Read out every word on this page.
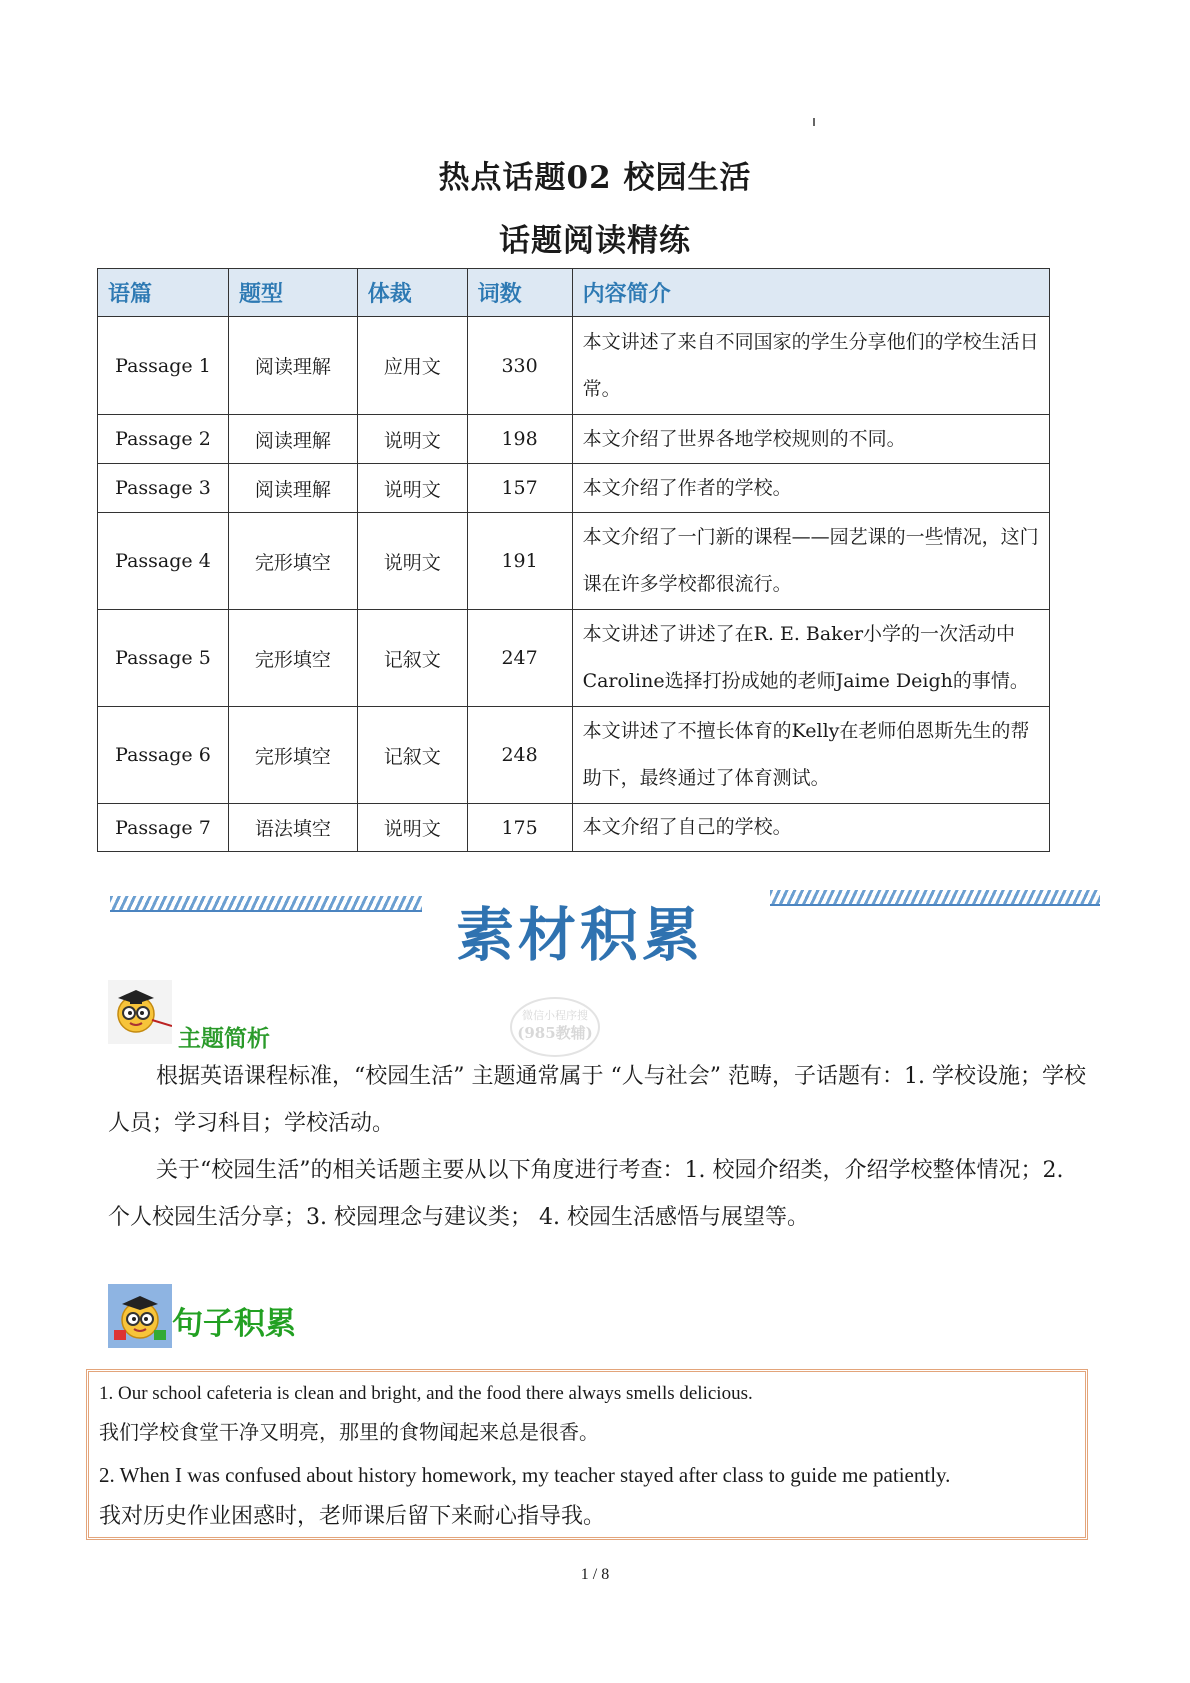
热点话题02 校园生活
话题阅读精练
语篇	题型	体裁	词数	内容简介
Passage 1	阅读理解	应用文	330	本文讲述了来自不同国家的学生分享他们的学校生活日常。
Passage 2	阅读理解	说明文	198	本文介绍了世界各地学校规则的不同。
Passage 3	阅读理解	说明文	157	本文介绍了作者的学校。
Passage 4	完形填空	说明文	191	本文介绍了一门新的课程——园艺课的一些情况，这门课在许多学校都很流行。
Passage 5	完形填空	记叙文	247	本文讲述了讲述了在R. E. Baker小学的一次活动中Caroline选择打扮成她的老师Jaime Deigh的事情。
Passage 6	完形填空	记叙文	248	本文讲述了不擅长体育的Kelly在老师伯恩斯先生的帮助下，最终通过了体育测试。
Passage 7	语法填空	说明文	175	本文介绍了自己的学校。
素材积累
主题简析
微信小程序搜
(985教辅)
根据英语课程标准，“校园生活” 主题通常属于 “人与社会” 范畴，子话题有：1. 学校设施；学校人员；学习科目；学校活动。
关于“校园生活”的相关话题主要从以下角度进行考查：1. 校园介绍类，介绍学校整体情况；2. 个人校园生活分享；3. 校园理念与建议类； 4. 校园生活感悟与展望等。
句子积累
1. Our school cafeteria is clean and bright, and the food there always smells delicious.
我们学校食堂干净又明亮，那里的食物闻起来总是很香。
2. When I was confused about history homework, my teacher stayed after class to guide me patiently.
我对历史作业困惑时，老师课后留下来耐心指导我。
1 / 8
